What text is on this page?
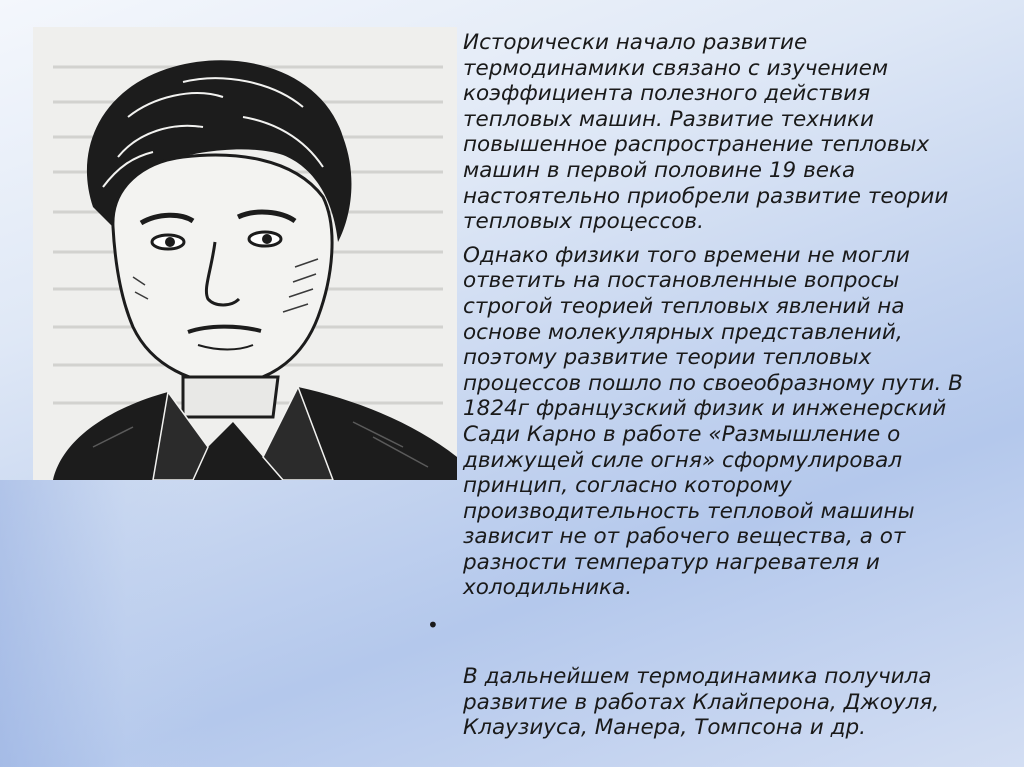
Исторически начало развитие
термодинамики связано с изучением
коэффициента полезного действия
тепловых машин. Развитие техники
повышенное распространение тепловых
машин в первой половине 19 века
настоятельно приобрели развитие теории
тепловых процессов.

Однако физики того времени не могли
ответить на постановленные вопросы
строгой теорией тепловых явлений на
основе молекулярных представлений,
поэтому развитие теории тепловых
процессов пошло по своеобразному пути. В
1824г французский физик и инженерский
Сади Карно в работе «Размышление о
движущей силе огня» сформулировал
принцип, согласно которому
производительность тепловой машины
зависит не от рабочего вещества, а от
разности температур нагревателя и
холодильника.

•

В дальнейшем термодинамика получила
развитие в работах Клайперона, Джоуля,
Клаузиуса, Манера, Томпсона и др.
